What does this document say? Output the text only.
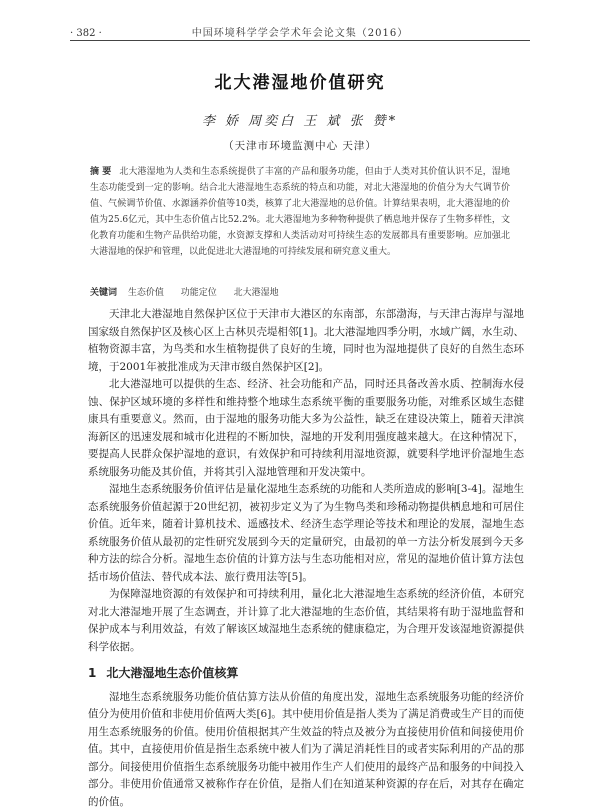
· 382 ·	中国环境科学学会学术年会论文集（2016）
北大港湿地价值研究
李 娇 周奕白 王 斌 张 赞*
（天津市环境监测中心 天津）
摘 要 北大港湿地为人类和生态系统提供了丰富的产品和服务功能，但由于人类对其价值认识不足，湿地生态功能受到一定的影响。结合北大港湿地生态系统的特点和功能，对北大港湿地的价值分为大气调节价值、气候调节价值、水源涵养价值等10类，核算了北大港湿地的总价值。计算结果表明，北大港湿地的价值为25.6亿元，其中生态价值占比52.2%。北大港湿地为多种物种提供了栖息地并保存了生物多样性，文化教育功能和生物产品供给功能，水资源支撑和人类活动对可持续生态的发展都具有重要影响。应加强北大港湿地的保护和管理，以此促进北大港湿地的可持续发展和研究意义重大。
关键词 生态价值 功能定位 北大港湿地

天津北大港湿地自然保护区位于天津市大港区的东南部，东部渤海，与天津古海岸与湿地国家级自然保护区及核心区上古林贝壳堤相邻[1]。北大港湿地四季分明，水域广阔，水生动、植物资源丰富，为鸟类和水生植物提供了良好的生境，同时也为湿地提供了良好的自然生态环境，于2001年被批准成为天津市级自然保护区[2]。

北大港湿地可以提供的生态、经济、社会功能和产品，同时还具备改善水质、控制海水侵蚀、保护区域环境的多样性和维持整个地球生态系统平衡的重要服务功能，对维系区域生态健康具有重要意义。然而，由于湿地的服务功能大多为公益性，缺乏在建设决策上，随着天津滨海新区的迅速发展和城市化进程的不断加快，湿地的开发利用强度越来越大。在这种情况下，要提高人民群众保护湿地的意识，有效保护和可持续利用湿地资源，就要科学地评价湿地生态系统服务功能及其价值，并将其引入湿地管理和开发决策中。

湿地生态系统服务价值评估是量化湿地生态系统的功能和人类所造成的影响[3-4]。湿地生态系统服务价值起源于20世纪初，被初步定义为了为生物鸟类和珍稀动物提供栖息地和可居住价值。近年来，随着计算机技术、遥感技术、经济生态学理论等技术和理论的发展，湿地生态系统服务价值从最初的定性研究发展到今天的定量研究，由最初的单一方法分析发展到今天多种方法的综合分析。湿地生态价值的计算方法与生态功能相对应，常见的湿地价值计算方法包括市场价值法、替代成本法、旅行费用法等[5]。

为保障湿地资源的有效保护和可持续利用，量化北大港湿地生态系统的经济价值，本研究对北大港湿地开展了生态调查，并计算了北大港湿地的生态价值，其结果将有助于湿地监督和保护成本与利用效益，有效了解该区域湿地生态系统的健康稳定，为合理开发该湿地资源提供科学依据。

1 北大港湿地生态价值核算

湿地生态系统服务功能价值估算方法从价值的角度出发，湿地生态系统服务功能的经济价值分为使用价值和非使用价值两大类[6]。其中使用价值是指人类为了满足消费或生产目的而使用生态系统服务的价值。使用价值根据其产生效益的特点及被分为直接使用价值和间接使用价值。其中，直接使用价值是指生态系统中被人们为了满足消耗性目的或者实际利用的产品的那部分。间接使用价值指生态系统服务功能中被用作生产人们使用的最终产品和服务的中间投入部分。非使用价值通常又被称作存在价值，是指人们在知道某种资源的存在后，对其存在确定的价值。
